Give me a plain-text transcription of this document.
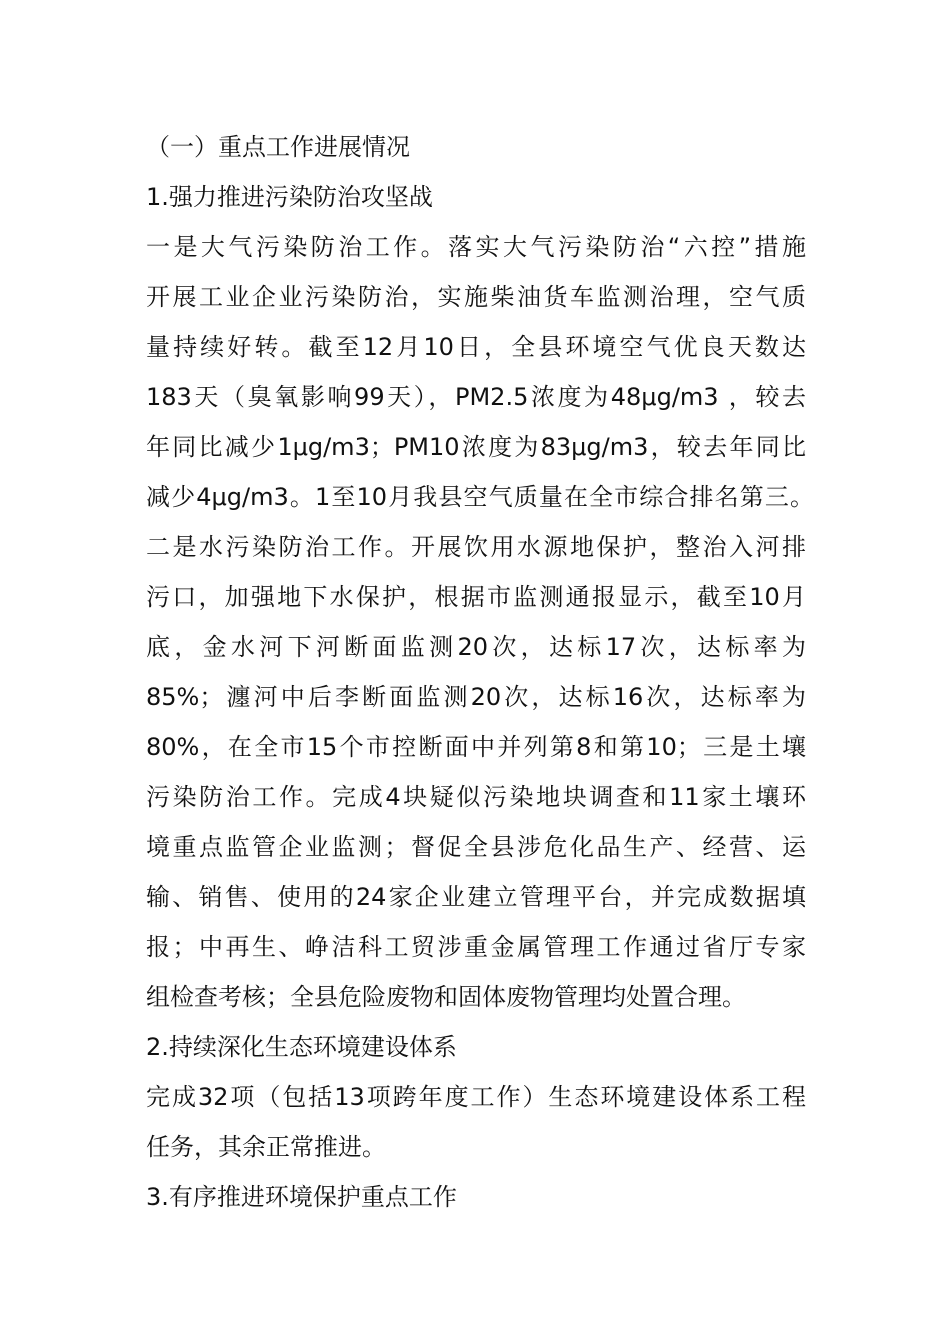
（一）重点工作进展情况
1.强力推进污染防治攻坚战
一是大气污染防治工作。落实大气污染防治“六控”措施
开展工业企业污染防治，实施柴油货车监测治理，空气质
量持续好转。截至12月10日，全县环境空气优良天数达
183天（臭氧影响99天），PM2.5浓度为48μg/m3 ，较去
年同比减少1μg/m3；PM10浓度为83μg/m3，较去年同比
减少4μg/m3。1至10月我县空气质量在全市综合排名第三。
二是水污染防治工作。开展饮用水源地保护，整治入河排
污口，加强地下水保护，根据市监测通报显示，截至10月
底，金水河下河断面监测20次，达标17次，达标率为
85%；瀍河中后李断面监测20次，达标16次，达标率为
80%，在全市15个市控断面中并列第8和第10；三是土壤
污染防治工作。完成4块疑似污染地块调查和11家土壤环
境重点监管企业监测；督促全县涉危化品生产、经营、运
输、销售、使用的24家企业建立管理平台，并完成数据填
报；中再生、峥洁科工贸涉重金属管理工作通过省厅专家
组检查考核；全县危险废物和固体废物管理均处置合理。
2.持续深化生态环境建设体系
完成32项（包括13项跨年度工作）生态环境建设体系工程
任务，其余正常推进。
3.有序推进环境保护重点工作
